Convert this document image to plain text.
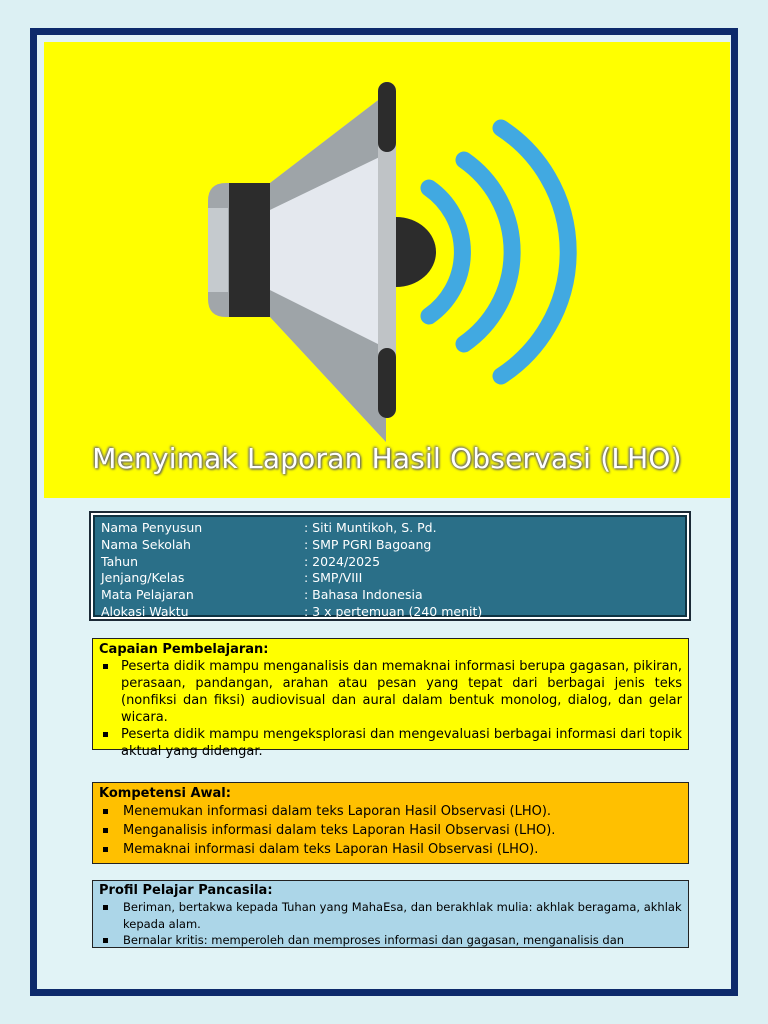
Menyimak Laporan Hasil Observasi (LHO)
Nama Penyusun	: Siti Muntikoh, S. Pd.
Nama Sekolah	: SMP PGRI Bagoang
Tahun	: 2024/2025
Jenjang/Kelas	: SMP/VIII
Mata Pelajaran	: Bahasa Indonesia
Alokasi Waktu	: 3 x pertemuan (240 menit)
Capaian Pembelajaran:
Peserta didik mampu menganalisis dan memaknai informasi berupa gagasan, pikiran, perasaan, pandangan, arahan atau pesan yang tepat dari berbagai jenis teks (nonfiksi dan fiksi) audiovisual dan aural dalam bentuk monolog, dialog, dan gelar wicara.
Peserta didik mampu mengeksplorasi dan mengevaluasi berbagai informasi dari topik aktual yang didengar.
Kompetensi Awal:
Menemukan informasi dalam teks Laporan Hasil Observasi (LHO).
Menganalisis informasi dalam teks Laporan Hasil Observasi (LHO).
Memaknai informasi dalam teks Laporan Hasil Observasi (LHO).
Profil Pelajar Pancasila:
Beriman, bertakwa kepada Tuhan yang MahaEsa, dan berakhlak mulia: akhlak beragama, akhlak kepada alam.
Bernalar kritis: memperoleh dan memproses informasi dan gagasan, menganalisis dan
